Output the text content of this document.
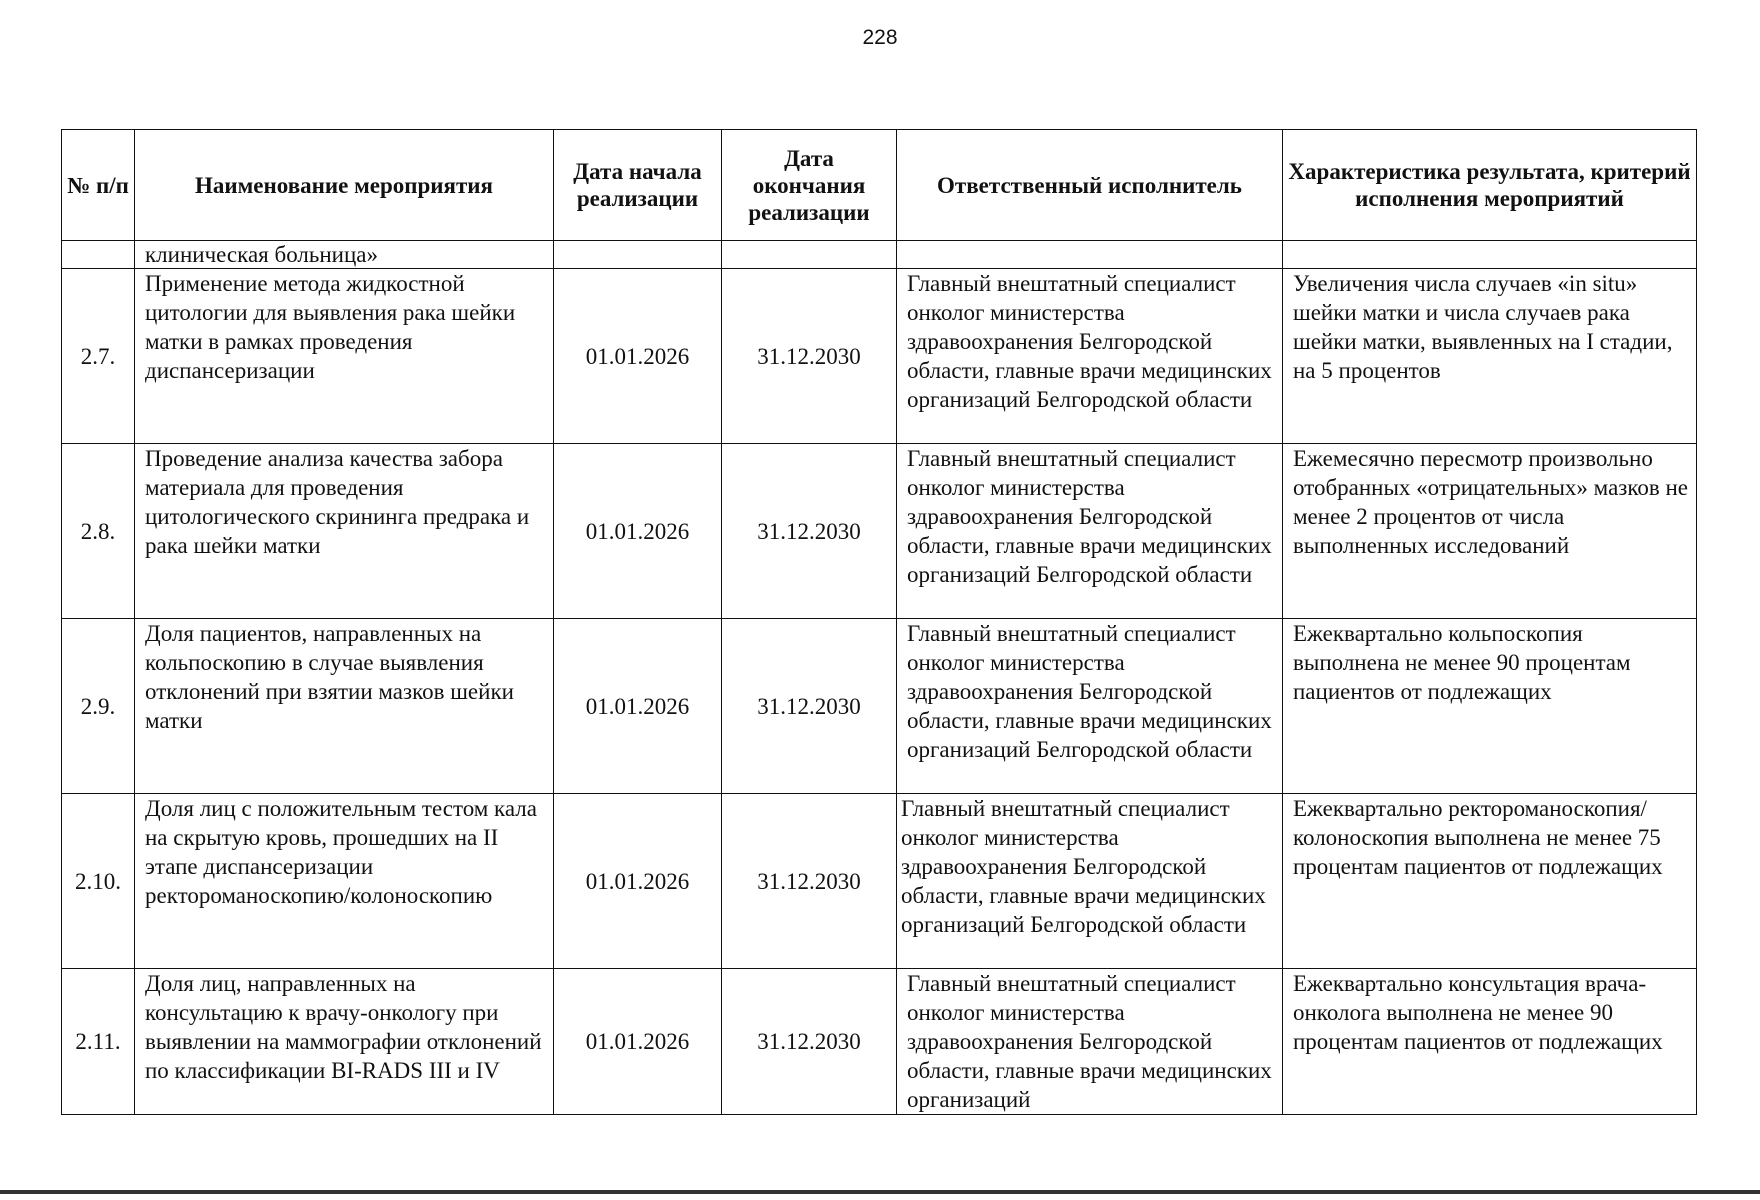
228
№ п/п	Наименование мероприятия	Дата начала реализации	Дата окончания реализации	Ответственный исполнитель	Характеристика результата, критерий исполнения мероприятий
	клиническая больница»				
2.7.	Применение метода жидкостной цитологии для выявления рака шейки матки в рамках проведения диспансеризации	01.01.2026	31.12.2030	Главный внештатный специалист онколог министерства здравоохранения Белгородской области, главные врачи медицинских организаций Белгородской области	Увеличения числа случаев «in situ» шейки матки и числа случаев рака шейки матки, выявленных на I стадии, на 5 процентов
2.8.	Проведение анализа качества забора материала для проведения цитологического скрининга предрака и рака шейки матки	01.01.2026	31.12.2030	Главный внештатный специалист онколог министерства здравоохранения Белгородской области, главные врачи медицинских организаций Белгородской области	Ежемесячно пересмотр произвольно отобранных «отрицательных» мазков не менее 2 процентов от числа выполненных исследований
2.9.	Доля пациентов, направленных на кольпоскопию в случае выявления отклонений при взятии мазков шейки матки	01.01.2026	31.12.2030	Главный внештатный специалист онколог министерства здравоохранения Белгородской области, главные врачи медицинских организаций Белгородской области	Ежеквартально кольпоскопия выполнена не менее 90 процентам пациентов от подлежащих
2.10.	Доля лиц с положительным тестом кала на скрытую кровь, прошедших на II этапе диспансеризации ректороманоскопию/колоноскопию	01.01.2026	31.12.2030	Главный внештатный специалист онколог министерства здравоохранения Белгородской области, главные врачи медицинских организаций Белгородской области	Ежеквартально ректороманоскопия/колоноскопия выполнена не менее 75 процентам пациентов от подлежащих
2.11.	Доля лиц, направленных на консультацию к врачу-онкологу при выявлении на маммографии отклонений по классификации BI-RADS III и IV	01.01.2026	31.12.2030	Главный внештатный специалист онколог министерства здравоохранения Белгородской области, главные врачи медицинских организаций	Ежеквартально консультация врача-онколога выполнена не менее 90 процентам пациентов от подлежащих
